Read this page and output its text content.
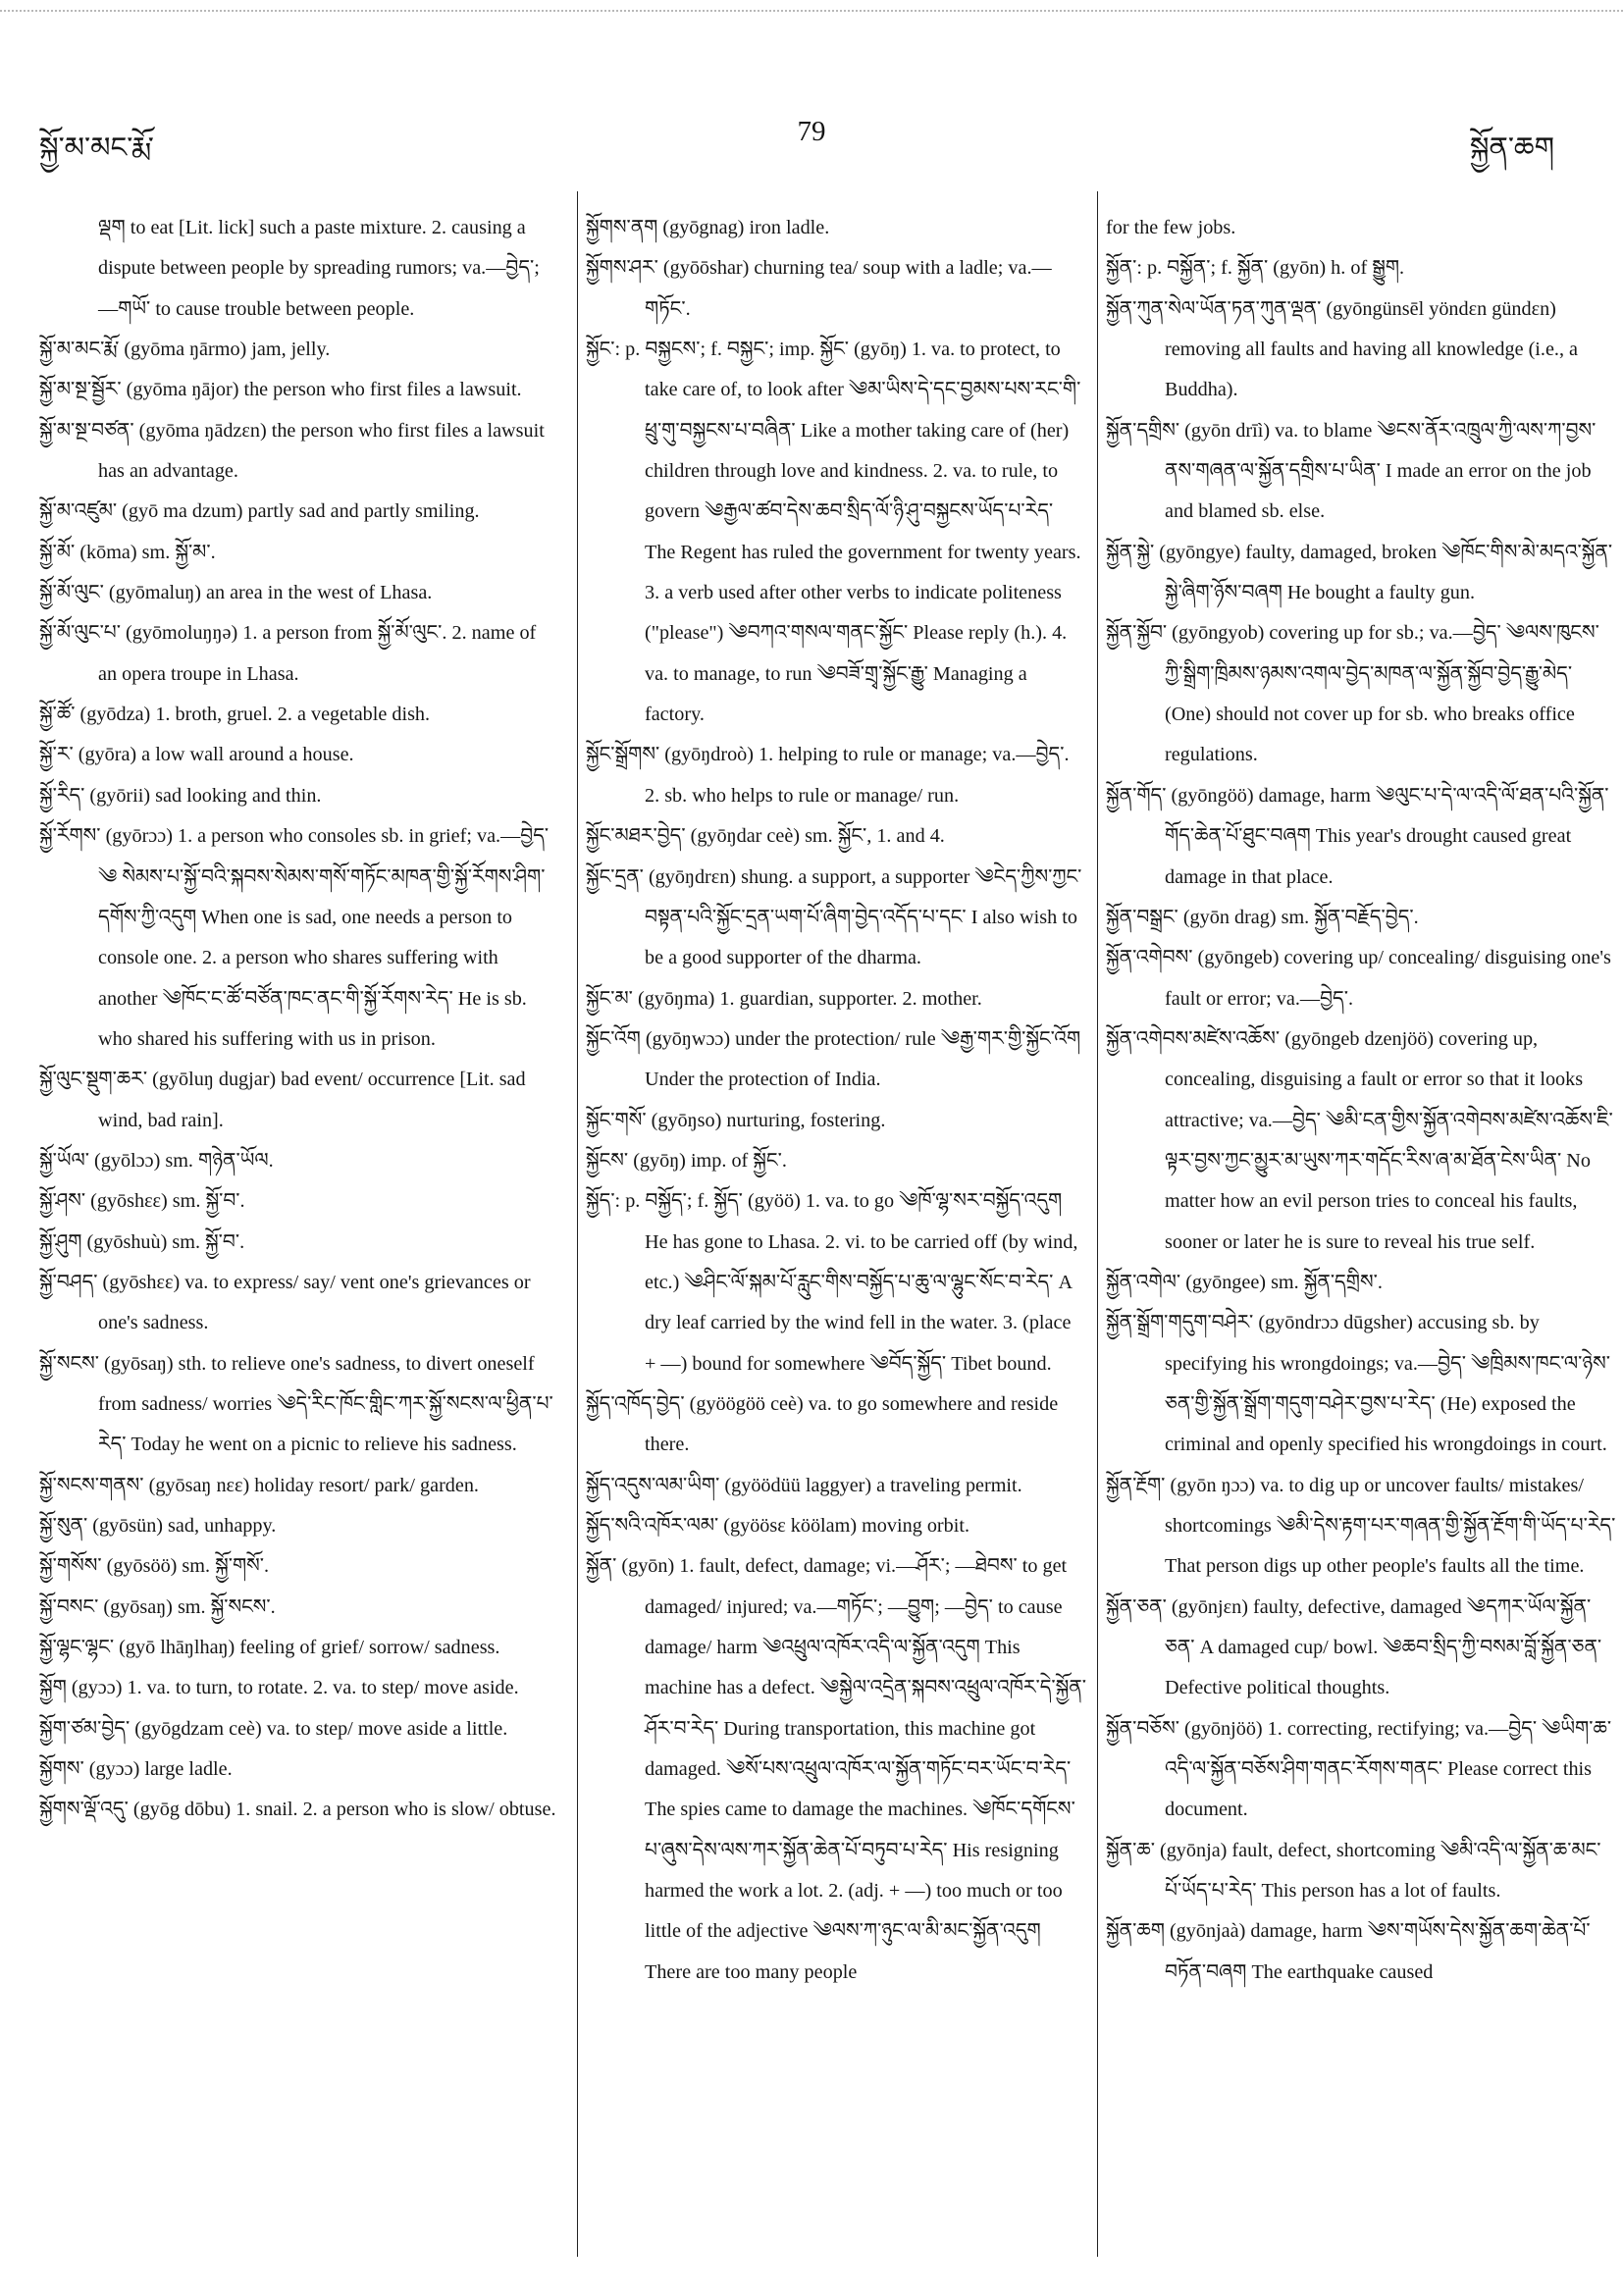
སྐྱོ་མ་མང་རྨོ་
79
སྐྱོན་ཆག
ལྡག to eat [Lit. lick] such a paste mixture. 2. causing a dispute between people by spreading rumors; va.—བྱེད་; —གཡོ་ to cause trouble between people.
སྐྱོ་མ་མང་རྨོ་ (gyōma ŋārmo) jam, jelly.
སྐྱོ་མ་སྔ་སྦྱོར་ (gyōma ŋājor) the person who first files a lawsuit.
སྐྱོ་མ་སྔ་བཙན་ (gyōma ŋādzɛn) the person who first files a lawsuit has an advantage.
སྐྱོ་མ་འཛུམ་ (gyō ma dzum) partly sad and partly smiling.
སྐྱོ་མོ་ (kōma) sm. སྐྱོ་མ་.
སྐྱོ་མོ་ལུང་ (gyōmaluŋ) an area in the west of Lhasa.
སྐྱོ་མོ་ལུང་པ་ (gyōmoluŋŋə) 1. a person from སྐྱོ་མོ་ལུང་. 2. name of an opera troupe in Lhasa.
སྐྱོ་ཚོ་ (gyōdza) 1. broth, gruel. 2. a vegetable dish.
སྐྱོ་ར་ (gyōra) a low wall around a house.
སྐྱོ་རིད་ (gyōrii) sad looking and thin.
སྐྱོ་རོགས་ (gyōrɔɔ) 1. a person who consoles sb. in grief; va.—བྱེད་ ༄ སེམས་པ་སྐྱོ་བའི་སྐབས་སེམས་གསོ་གཏོང་མཁན་གྱི་སྐྱོ་རོགས་ཤིག་དགོས་ཀྱི་འདུག When one is sad, one needs a person to console one. 2. a person who shares suffering with another ༄ཁོང་ང་ཚོ་བཙོན་ཁང་ནང་གི་སྐྱོ་རོགས་རེད་ He is sb. who shared his suffering with us in prison.
སྐྱོ་ལུང་སྡུག་ཆར་ (gyōluŋ dugjar) bad event/ occurrence [Lit. sad wind, bad rain].
སྐྱོ་ཡོལ་ (gyōlɔɔ) sm. གཉེན་ཡོལ.
སྐྱོ་ཤས་ (gyōshɛɛ) sm. སྐྱོ་བ་.
སྐྱོ་ཤུག (gyōshuù) sm. སྐྱོ་བ་.
སྐྱོ་བཤད་ (gyōshɛɛ) va. to express/ say/ vent one's grievances or one's sadness.
སྐྱོ་སངས་ (gyōsaŋ) sth. to relieve one's sadness, to divert oneself from sadness/ worries ༄དེ་རིང་ཁོང་གླིང་ཀར་སྐྱོ་སངས་ལ་ཕྱིན་པ་རེད་ Today he went on a picnic to relieve his sadness.
སྐྱོ་སངས་གནས་ (gyōsaŋ nɛɛ) holiday resort/ park/ garden.
སྐྱོ་སུན་ (gyōsün) sad, unhappy.
སྐྱོ་གསོས་ (gyōsöö) sm. སྐྱོ་གསོ་.
སྐྱོ་བསང་ (gyōsaŋ) sm. སྐྱོ་སངས་.
སྐྱོ་ལྷང་ལྷང་ (gyō lhāŋlhaŋ) feeling of grief/ sorrow/ sadness.
སྐྱོག (gyɔɔ) 1. va. to turn, to rotate. 2. va. to step/ move aside.
སྐྱོག་ཙམ་བྱེད་ (gyōgdzam ceè) va. to step/ move aside a little.
སྐྱོགས་ (gyɔɔ) large ladle.
སྐྱོགས་ལྡོ་འདུ་ (gyōg dōbu) 1. snail. 2. a person who is slow/ obtuse.
སྐྱོགས་ནག (gyōgnag) iron ladle.
སྐྱོགས་ཤར་ (gyōōshar) churning tea/ soup with a ladle; va.—གཏོང་.
སྐྱོང་: p. བསྐྱངས་; f. བསྐྱང་; imp. སྐྱོང་ (gyōŋ) 1. va. to protect, to take care of, to look after ༄མ་ཡིས་དེ་དང་བྱམས་པས་རང་གི་ཕྲུ་གུ་བསྐྱངས་པ་བཞིན་ Like a mother taking care of (her) children through love and kindness. 2. va. to rule, to govern ༄རྒྱལ་ཚབ་དེས་ཆབ་སྲིད་ལོ་ཉི་ཤུ་བསྐྱངས་ཡོད་པ་རེད་ The Regent has ruled the government for twenty years. 3. a verb used after other verbs to indicate politeness ("please") ༄བཀའ་གསལ་གནང་སྐྱོང་ Please reply (h.). 4. va. to manage, to run ༄བཟོ་གྲྭ་སྐྱོང་རྒྱུ་ Managing a factory.
སྐྱོང་སྒྲོགས་ (gyōŋdroò) 1. helping to rule or manage; va.—བྱེད་. 2. sb. who helps to rule or manage/ run.
སྐྱོང་མཐར་བྱེད་ (gyōŋdar ceè) sm. སྐྱོང་, 1. and 4.
སྐྱོང་དྲན་ (gyōŋdrɛn) shung. a support, a supporter ༄ངེད་ཀྱིས་ཀྱང་བསྟན་པའི་སྐྱོང་དྲན་ཡག་པོ་ཞིག་བྱེད་འདོད་པ་དང་ I also wish to be a good supporter of the dharma.
སྐྱོང་མ་ (gyōŋma) 1. guardian, supporter. 2. mother.
སྐྱོང་འོག (gyōŋwɔɔ) under the protection/ rule ༄རྒྱ་གར་གྱི་སྐྱོང་འོག Under the protection of India.
སྐྱོང་གསོ་ (gyōŋso) nurturing, fostering.
སྐྱོངས་ (gyōŋ) imp. of སྐྱོང་.
སྐྱོད་: p. བསྐྱོད་; f. སྐྱོད་ (gyöö) 1. va. to go ༄ཁོ་ལྷ་སར་བསྐྱོད་འདུག He has gone to Lhasa. 2. vi. to be carried off (by wind, etc.) ༄ཤིང་ལོ་སྐམ་པོ་རླུང་གིས་བསྐྱོད་པ་ཆུ་ལ་ལྷུང་སོང་བ་རེད་ A dry leaf carried by the wind fell in the water. 3. (place + —) bound for somewhere ༄བོད་སྐྱོད་ Tibet bound.
སྐྱོད་འཁོད་བྱེད་ (gyöögöö ceè) va. to go somewhere and reside there.
སྐྱོད་འདུས་ལམ་ཡིག་ (gyöödüü laggyer) a traveling permit.
སྐྱོད་སའི་འཁོར་ལམ་ (gyöösɛ köölam) moving orbit.
སྐྱོན་ (gyōn) 1. fault, defect, damage; vi.—ཤོར་; —ཐེབས་ to get damaged/ injured; va.—གཏོང་; —བྱུག; —བྱེད་ to cause damage/ harm ༄འཕྲུལ་འཁོར་འདི་ལ་སྐྱོན་འདུག This machine has a defect. ༄སྐྱེལ་འདྲེན་སྐབས་འཕྲུལ་འཁོར་དེ་སྐྱོན་ཤོར་བ་རེད་ During transportation, this machine got damaged. ༄སོ་པས་འཕྲུལ་འཁོར་ལ་སྐྱོན་གཏོང་བར་ཡོང་བ་རེད་ The spies came to damage the machines. ༄ཁོང་དགོངས་པ་ཞུས་དེས་ལས་ཀར་སྐྱོན་ཆེན་པོ་བཏུབ་པ་རེད་ His resigning harmed the work a lot. 2. (adj. + —) too much or too little of the adjective ༄ལས་ཀ་ཉུང་ལ་མི་མང་སྐྱོན་འདུག There are too many people
for the few jobs.
སྐྱོན་: p. བསྐྱོན་; f. སྐྱོན་ (gyōn) h. of སྒྱུག.
སྐྱོན་ཀུན་སེལ་ཡོན་ཏན་ཀུན་ལྡན་ (gyōngünsēl yöndɛn gündɛn) removing all faults and having all knowledge (i.e., a Buddha).
སྐྱོན་དགྲིས་ (gyōn drīì) va. to blame ༄ངས་ནོར་འཁྲུལ་ཀྱི་ལས་ཀ་བྱས་ནས་གཞན་ལ་སྐྱོན་དགྲིས་པ་ཡིན་ I made an error on the job and blamed sb. else.
སྐྱོན་སྐྱེ་ (gyōngye) faulty, damaged, broken ༄ཁོང་གིས་མེ་མདའ་སྐྱོན་སྐྱེ་ཞིག་ཉོས་བཞག He bought a faulty gun.
སྐྱོན་སྐྱོབ་ (gyōngyob) covering up for sb.; va.—བྱེད་ ༄ལས་ཁུངས་ཀྱི་སྒྲིག་ཁྲིམས་ཉམས་འགལ་བྱེད་མཁན་ལ་སྐྱོན་སྐྱོབ་བྱེད་རྒྱུ་མེད་ (One) should not cover up for sb. who breaks office regulations.
སྐྱོན་གོད་ (gyōngöö) damage, harm ༄ལུང་པ་དེ་ལ་འདི་ལོ་ཐན་པའི་སྐྱོན་གོད་ཆེན་པོ་ཐུང་བཞག This year's drought caused great damage in that place.
སྐྱོན་བསྒྲང་ (gyōn drag) sm. སྐྱོན་བརྗོད་བྱེད་.
སྐྱོན་འགེབས་ (gyōngeb) covering up/ concealing/ disguising one's fault or error; va.—བྱེད་.
སྐྱོན་འགེབས་མཛེས་འཆོས་ (gyōngeb dzenjöö) covering up, concealing, disguising a fault or error so that it looks attractive; va.—བྱེད་ ༄མི་ངན་གྱིས་སྐྱོན་འགེབས་མཛེས་འཆོས་ཇི་ལྟར་བྱས་ཀྱང་མྱུར་མ་ཡུས་ཀར་གདོང་རིས་ཞ་མ་ཐོན་ངེས་ཡིན་ No matter how an evil person tries to conceal his faults, sooner or later he is sure to reveal his true self.
སྐྱོན་འགེལ་ (gyōngee) sm. སྐྱོན་དགྲིས་.
སྐྱོན་སྒྲོག་གདུག་བཤེར་ (gyōndrɔɔ dūgsher) accusing sb. by specifying his wrongdoings; va.—བྱེད་ ༄ཁྲིམས་ཁང་ལ་ཉེས་ཅན་གྱི་སྐྱོན་སྒྲོག་གདུག་བཤེར་བྱས་པ་རེད་ (He) exposed the criminal and openly specified his wrongdoings in court.
སྐྱོན་རྔོག་ (gyōn ŋɔɔ) va. to dig up or uncover faults/ mistakes/ shortcomings ༄མི་དེས་རྟག་པར་གཞན་གྱི་སྐྱོན་རྔོག་གི་ཡོད་པ་རེད་ That person digs up other people's faults all the time.
སྐྱོན་ཅན་ (gyōnjɛn) faulty, defective, damaged ༄དཀར་ཡོལ་སྐྱོན་ཅན་ A damaged cup/ bowl. ༄ཆབ་སྲིད་ཀྱི་བསམ་བློ་སྐྱོན་ཅན་ Defective political thoughts.
སྐྱོན་བཅོས་ (gyōnjöö) 1. correcting, rectifying; va.—བྱེད་ ༄ཡིག་ཆ་འདི་ལ་སྐྱོན་བཅོས་ཤིག་གནང་རོགས་གནང་ Please correct this document.
སྐྱོན་ཆ་ (gyōnja) fault, defect, shortcoming ༄མི་འདི་ལ་སྐྱོན་ཆ་མང་པོ་ཡོད་པ་རེད་ This person has a lot of faults.
སྐྱོན་ཆག (gyōnjaà) damage, harm ༄ས་གཡོས་དེས་སྐྱོན་ཆག་ཆེན་པོ་བཏོན་བཞག The earthquake caused
